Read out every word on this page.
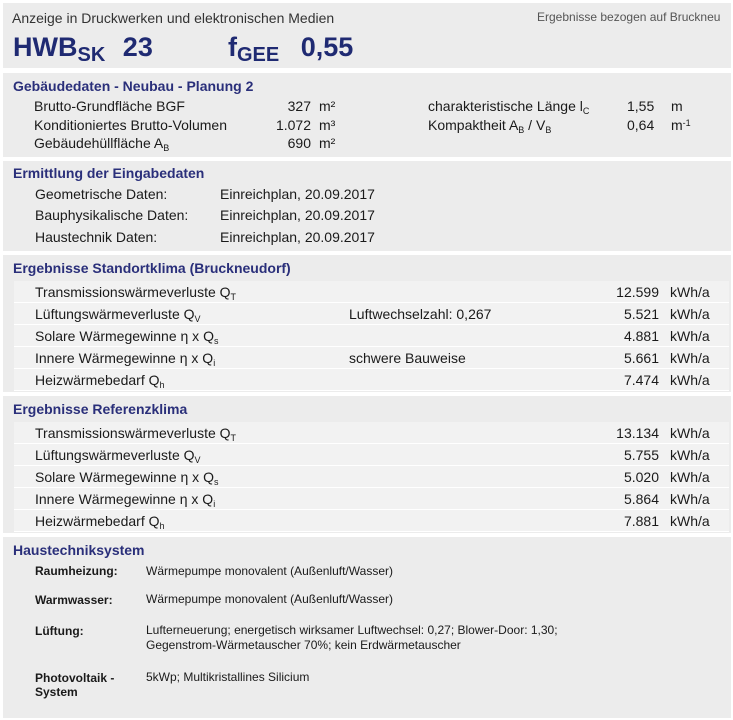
Anzeige in Druckwerken und elektronischen Medien	Ergebnisse bezogen auf Bruckneu
HWBSK 23	fGEE 0,55
Gebäudedaten - Neubau - Planung 2
Brutto-Grundfläche BGF	327 m²
Konditioniertes Brutto-Volumen	1.072 m³
Gebäudehüllfläche $A_B$	690 m²
charakteristische Länge $l_C$	1,55 m
Kompaktheit $A_B / V_B$	0,64 $m^{-1}$
Ermittlung der Eingabedaten
Geometrische Daten:	Einreichplan, 20.09.2017
Bauphysikalische Daten: Einreichplan, 20.09.2017
Haustechnik Daten:	Einreichplan, 20.09.2017
Ergebnisse Standortklima (Bruckneudorf)
Transmissionswärmeverluste $Q_T$	12.599 kWh/a
Lüftungswärmeverluste $Q_V$	Luftwechselzahl: 0,267	5.521 kWh/a
Solare Wärmegewinne η x $Q_s$	4.881 kWh/a
Innere Wärmegewinne η x $Q_i$	schwere Bauweise	5.661 kWh/a
Heizwärmebedarf $Q_h$	7.474 kWh/a
Ergebnisse Referenzklima
Transmissionswärmeverluste $Q_T$	13.134 kWh/a
Lüftungswärmeverluste $Q_V$	5.755 kWh/a
Solare Wärmegewinne η x $Q_s$	5.020 kWh/a
Innere Wärmegewinne η x $Q_i$	5.864 kWh/a
Heizwärmebedarf $Q_h$	7.881 kWh/a
Haustechniksystem
Raumheizung: Wärmepumpe monovalent (Außenluft/Wasser)
Warmwasser:	Wärmepumpe monovalent (Außenluft/Wasser)
Lüftung:	Lufterneuerung; energetisch wirksamer Luftwechsel: 0,27; Blower-Door: 1,30;
Gegenstrom-Wärmetauscher 70%; kein Erdwärmetauscher
Photovoltaik -
System
5kWp; Multikristallines Silicium
